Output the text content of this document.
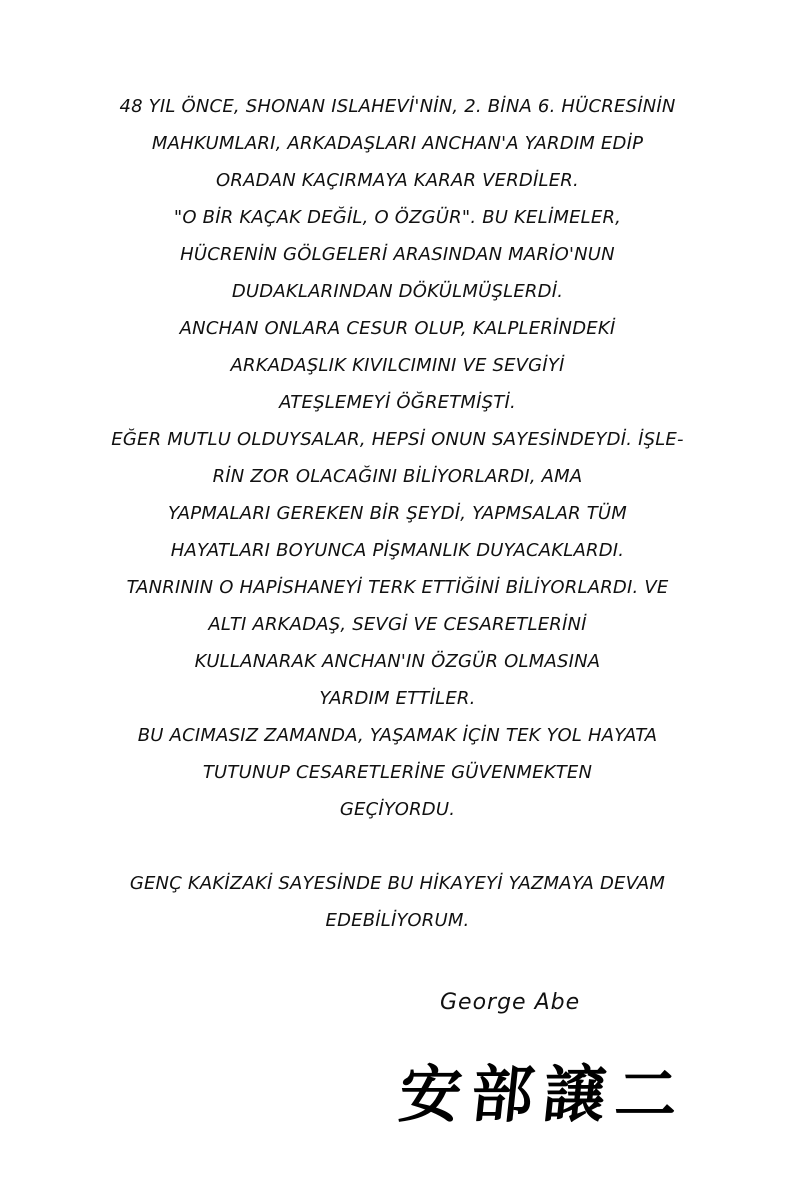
48 YIL ÖNCE, SHONAN ISLAHEVİ'NİN, 2. BİNA 6. HÜCRESİNİN
MAHKUMLARI, ARKADAŞLARI ANCHAN'A YARDIM EDİP
ORADAN KAÇIRMAYA KARAR VERDİLER.
"O BİR KAÇAK DEĞİL, O ÖZGÜR". BU KELİMELER,
HÜCRENİN GÖLGELERİ ARASINDAN MARİO'NUN
DUDAKLARINDAN DÖKÜLMÜŞLERDİ.
ANCHAN ONLARA CESUR OLUP, KALPLERİNDEKİ
ARKADAŞLIK KIVILCIMINI VE SEVGİYİ
ATEŞLEMEYİ ÖĞRETMİŞTİ.
EĞER MUTLU OLDUYSALAR, HEPSİ ONUN SAYESİNDEYDİ. İŞLE-
RİN ZOR OLACAĞINI BİLİYORLARDI, AMA
YAPMALARI GEREKEN BİR ŞEYDİ, YAPMSALAR TÜM
HAYATLARI BOYUNCA PİŞMANLIK DUYACAKLARDI.
TANRININ O HAPİSHANEYİ TERK ETTİĞİNİ BİLİYORLARDI. VE
ALTI ARKADAŞ, SEVGİ VE CESARETLERİNİ
KULLANARAK ANCHAN'IN ÖZGÜR OLMASINA
YARDIM ETTİLER.
BU ACIMASIZ ZAMANDA, YAŞAMAK İÇİN TEK YOL HAYATA
TUTUNUP CESARETLERİNE GÜVENMEKTEN
GEÇİYORDU.
GENÇ KAKİZAKİ SAYESİNDE BU HİKAYEYİ YAZMAYA DEVAM
EDEBİLİYORUM.
George Abe
安部譲二
